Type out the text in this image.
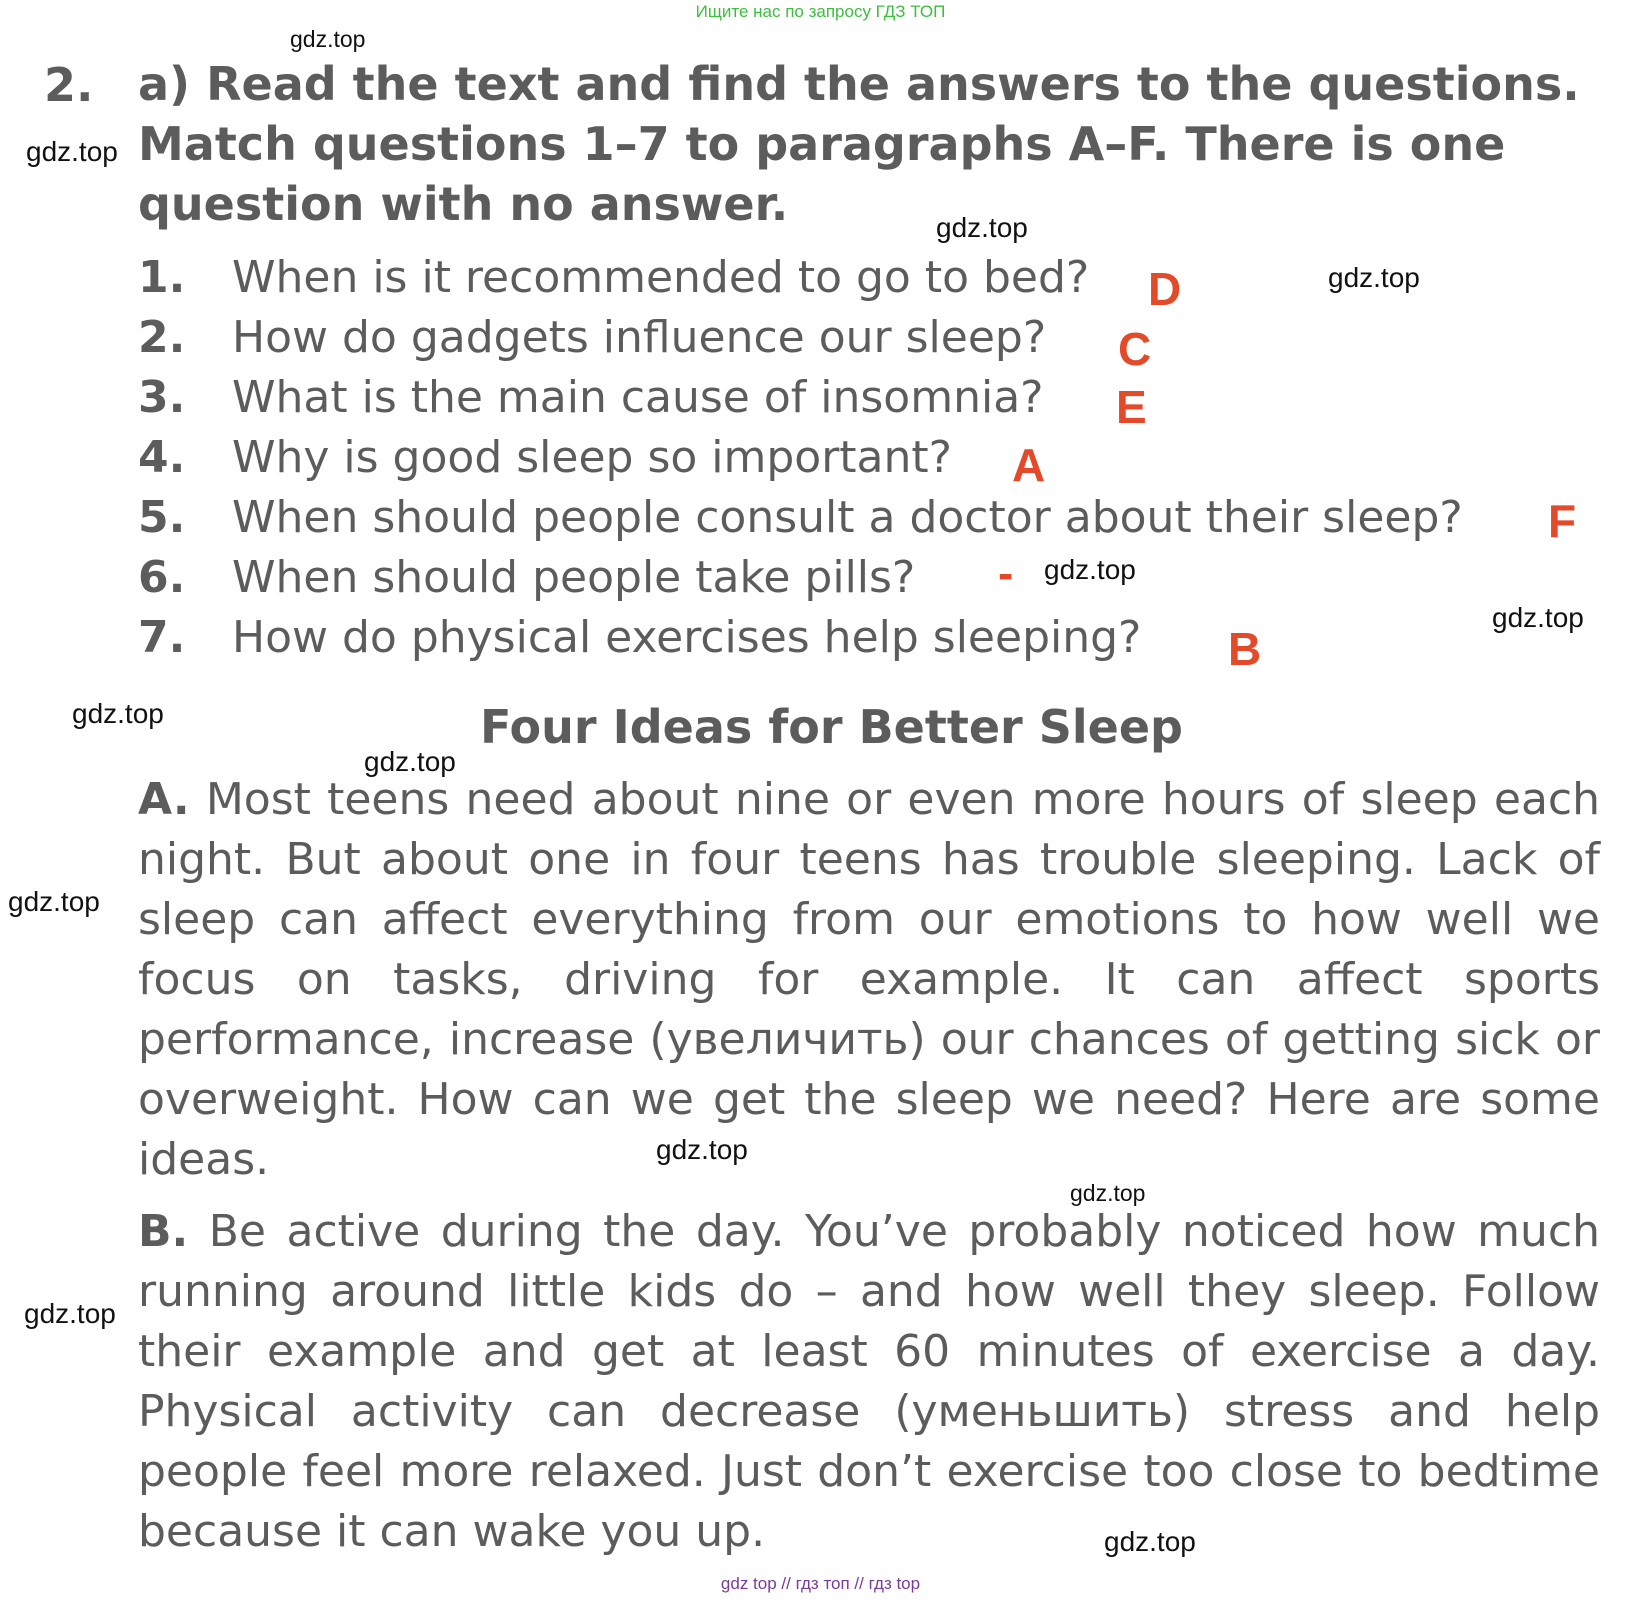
Ищите нас по запросу ГДЗ ТОП
gdz.top
gdz.top
gdz.top
gdz.top
gdz.top
gdz.top
gdz.top
gdz.top
gdz.top
gdz.top
gdz.top
gdz.top
gdz.top
2. a) Read the text and find the answers to the questions.
Match questions 1–7 to paragraphs A–F. There is one
question with no answer.
1. When is it recommended to go to bed? D
2. How do gadgets influence our sleep? C
3. What is the main cause of insomnia? E
4. Why is good sleep so important? A
5. When should people consult a doctor about their sleep? F
6. When should people take pills? -
7. How do physical exercises help sleeping? B
Four Ideas for Better Sleep
A. Most teens need about nine or even more hours of sleep each night. But about one in four teens has trouble sleeping. Lack of sleep can affect everything from our emotions to how well we focus on tasks, driving for example. It can affect sports performance, increase (увеличить) our chances of getting sick or overweight. How can we get the sleep we need? Here are some ideas.
B. Be active during the day. You’ve probably noticed how much running around little kids do – and how well they sleep. Follow their example and get at least 60 minutes of exercise a day. Physical activity can decrease (уменьшить) stress and help people feel more relaxed. Just don’t exercise too close to bedtime because it can wake you up.
gdz top // гдз топ // гдз top
